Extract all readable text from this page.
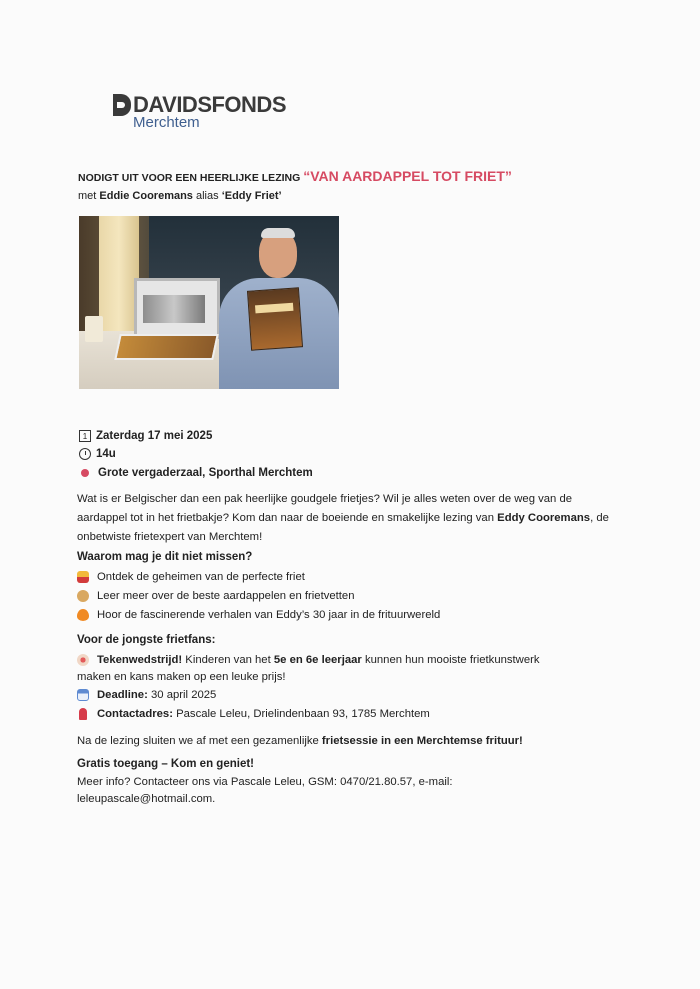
DAVIDSFONDS
Merchtem
NODIGT UIT VOOR EEN HEERLIJKE LEZING “VAN AARDAPPEL TOT FRIET”
met Eddie Cooremans alias ‘Eddy Friet’
1 Zaterdag 17 mei 2025
14u
Grote vergaderzaal, Sporthal Merchtem
Wat is er Belgischer dan een pak heerlijke goudgele frietjes? Wil je alles weten over de weg van de aardappel tot in het frietbakje? Kom dan naar de boeiende en smakelijke lezing van Eddy Cooremans, de onbetwiste frietexpert van Merchtem!
Waarom mag je dit niet missen?
Ontdek de geheimen van de perfecte friet
Leer meer over de beste aardappelen en frietvetten
Hoor de fascinerende verhalen van Eddy’s 30 jaar in de frituurwereld
Voor de jongste frietfans:
Tekenwedstrijd! Kinderen van het 5e en 6e leerjaar kunnen hun mooiste frietkunstwerk
maken en kans maken op een leuke prijs!
Deadline: 30 april 2025
Contactadres: Pascale Leleu, Drielindenbaan 93, 1785 Merchtem
Na de lezing sluiten we af met een gezamenlijke frietsessie in een Merchtemse frituur!
Gratis toegang – Kom en geniet!
Meer info? Contacteer ons via Pascale Leleu, GSM: 0470/21.80.57, e-mail:
leleupascale@hotmail.com.
